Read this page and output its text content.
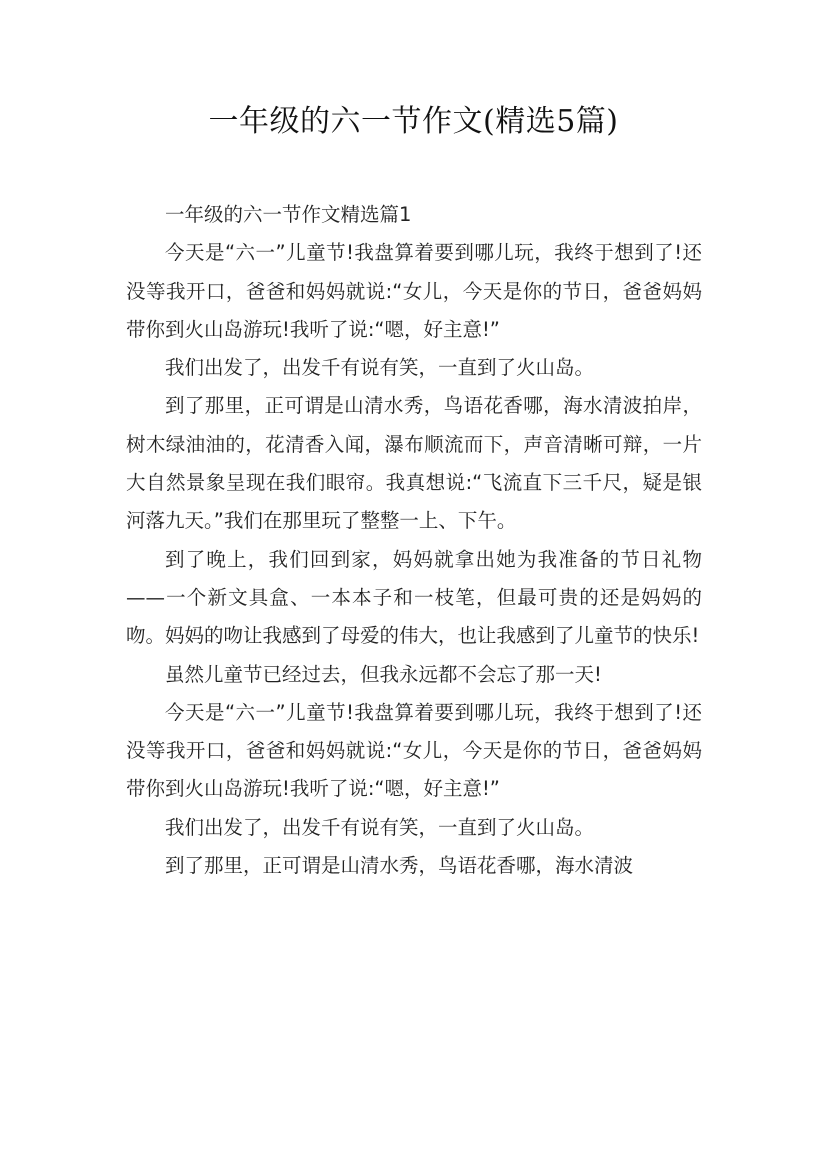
一年级的六一节作文(精选5篇)

一年级的六一节作文精选篇1

今天是“六一”儿童节!我盘算着要到哪儿玩，我终于想到了!还没等我开口，爸爸和妈妈就说:“女儿，今天是你的节日，爸爸妈妈带你到火山岛游玩!我听了说:“嗯，好主意!”

我们出发了，出发千有说有笑，一直到了火山岛。

到了那里，正可谓是山清水秀，鸟语花香哪，海水清波拍岸，树木绿油油的，花清香入闻，瀑布顺流而下，声音清晰可辩，一片大自然景象呈现在我们眼帘。我真想说:“飞流直下三千尺，疑是银河落九天。”我们在那里玩了整整一上、下午。

到了晚上，我们回到家，妈妈就拿出她为我准备的节日礼物——一个新文具盒、一本本子和一枝笔，但最可贵的还是妈妈的吻。妈妈的吻让我感到了母爱的伟大，也让我感到了儿童节的快乐!

虽然儿童节已经过去，但我永远都不会忘了那一天!

今天是“六一”儿童节!我盘算着要到哪儿玩，我终于想到了!还没等我开口，爸爸和妈妈就说:“女儿，今天是你的节日，爸爸妈妈带你到火山岛游玩!我听了说:“嗯，好主意!”

我们出发了，出发千有说有笑，一直到了火山岛。

到了那里，正可谓是山清水秀，鸟语花香哪，海水清波
